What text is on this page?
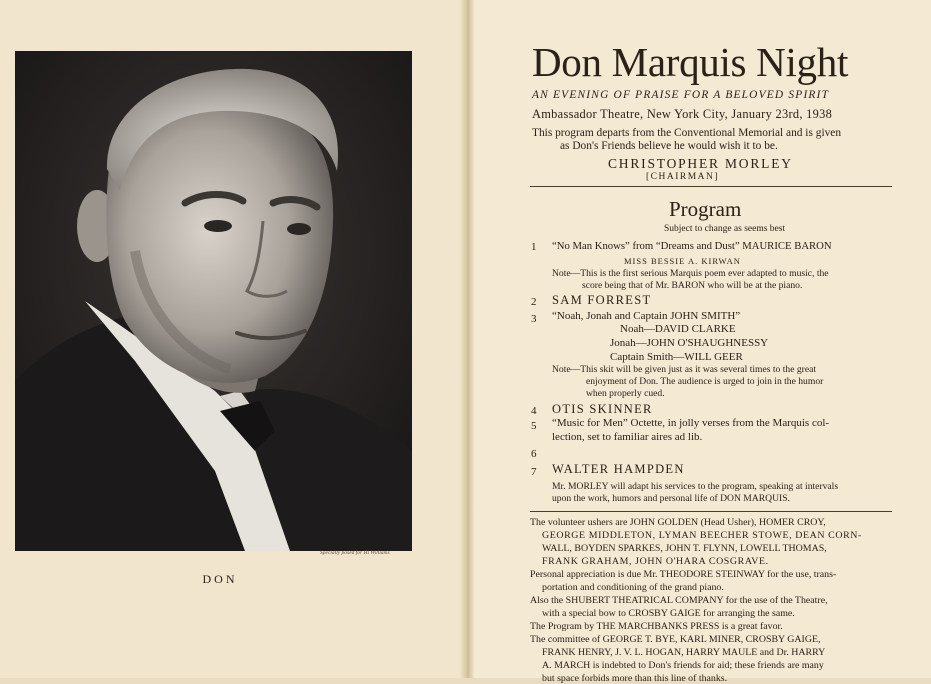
Specially posed for Hi Williams
DON
Don Marquis Night
AN EVENING OF PRAISE FOR A BELOVED SPIRIT
Ambassador Theatre, New York City, January 23rd, 1938
This program departs from the Conventional Memorial and is given
as Don's Friends believe he would wish it to be.
CHRISTOPHER MORLEY
[CHAIRMAN]
Program
Subject to change as seems best
1 “No Man Knows” from “Dreams and Dust” MAURICE BARON
MISS BESSIE A. KIRWAN
Note—This is the first serious Marquis poem ever adapted to music, the
score being that of Mr. BARON who will be at the piano.
2 SAM FORREST
3 “Noah, Jonah and Captain JOHN SMITH”
Noah—DAVID CLARKE
Jonah—JOHN O'SHAUGHNESSY
Captain Smith—WILL GEER
Note—This skit will be given just as it was several times to the great
enjoyment of Don. The audience is urged to join in the humor
when properly cued.
4 OTIS SKINNER
5 “Music for Men” Octette, in jolly verses from the Marquis col-
lection, set to familiar aires ad lib.
6
7 WALTER HAMPDEN
Mr. MORLEY will adapt his services to the program, speaking at intervals
upon the work, humors and personal life of DON MARQUIS.
The volunteer ushers are JOHN GOLDEN (Head Usher), HOMER CROY,
GEORGE MIDDLETON, LYMAN BEECHER STOWE, DEAN CORN-
WALL, BOYDEN SPARKES, JOHN T. FLYNN, LOWELL THOMAS,
FRANK GRAHAM, JOHN O'HARA COSGRAVE.
Personal appreciation is due Mr. THEODORE STEINWAY for the use, trans-
portation and conditioning of the grand piano.
Also the SHUBERT THEATRICAL COMPANY for the use of the Theatre,
with a special bow to CROSBY GAIGE for arranging the same.
The Program by THE MARCHBANKS PRESS is a great favor.
The committee of GEORGE T. BYE, KARL MINER, CROSBY GAIGE,
FRANK HENRY, J. V. L. HOGAN, HARRY MAULE and Dr. HARRY
A. MARCH is indebted to Don's friends for aid; these friends are many
but space forbids more than this line of thanks.
